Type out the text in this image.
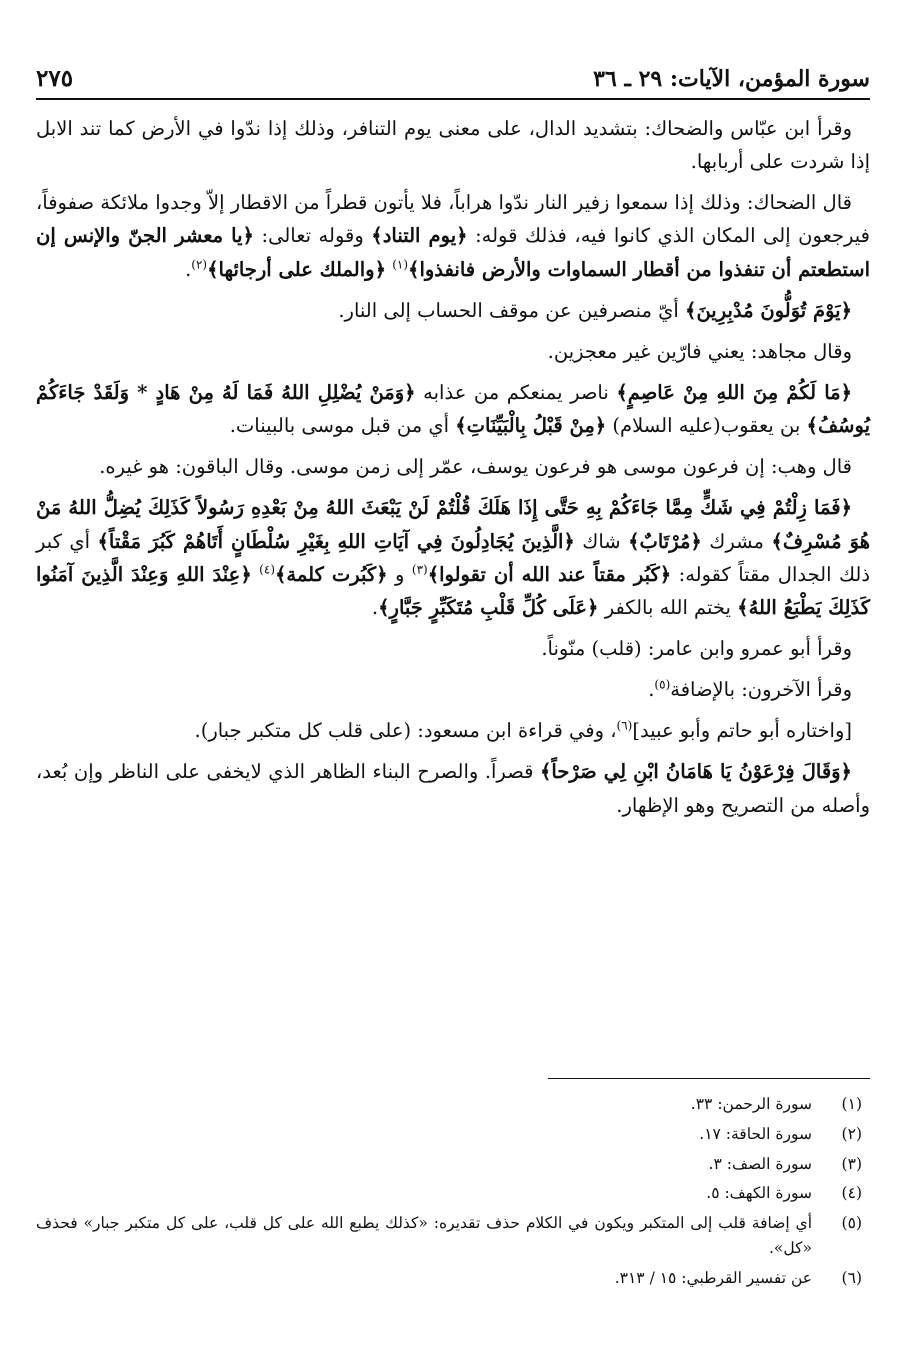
سورة المؤمن، الآيات: ٢٩ ـ ٣٦
٢٧٥

وقرأ ابن عبّاس والضحاك: بتشديد الدال، على معنى يوم التنافر، وذلك إذا ندّوا في الأرض كما تند الابل إذا شردت على أربابها.

قال الضحاك: وذلك إذا سمعوا زفير النار ندّوا هراباً، فلا يأتون قطراً من الاقطار إلاّ وجدوا ملائكة صفوفاً، فيرجعون إلى المكان الذي كانوا فيه، فذلك قوله: ﴿يوم التناد﴾ وقوله تعالى: ﴿يا معشر الجنّ والإنس إن استطعتم أن تنفذوا من أقطار السماوات والأرض فانفذوا﴾$^{(١)}$ ﴿والملك على أرجائها﴾$^{(٢)}$.

﴿يَوْمَ تُوَلُّونَ مُدْبِرِينَ﴾ أيّ منصرفين عن موقف الحساب إلى النار.

وقال مجاهد: يعني فارّين غير معجزين.

﴿مَا لَكُمْ مِنَ اللهِ مِنْ عَاصِمٍ﴾ ناصر يمنعكم من عذابه ﴿وَمَنْ يُضْلِلِ اللهُ فَمَا لَهُ مِنْ هَادٍ * وَلَقَدْ جَاءَكُمْ يُوسُفُ﴾ بن يعقوب(عليه السلام) ﴿مِنْ قَبْلُ بِالْبَيِّنَاتِ﴾ أي من قبل موسى بالبينات.

قال وهب: إن فرعون موسى هو فرعون يوسف، عمّر إلى زمن موسى. وقال الباقون: هو غيره.

﴿فَمَا زِلْتُمْ فِي شَكٍّ مِمَّا جَاءَكُمْ بِهِ حَتَّى إِذَا هَلَكَ قُلْتُمْ لَنْ يَبْعَثَ اللهُ مِنْ بَعْدِهِ رَسُولاً كَذَلِكَ يُضِلُّ اللهُ مَنْ هُوَ مُسْرِفٌ﴾ مشرك ﴿مُرْتَابٌ﴾ شاك ﴿الَّذِينَ يُجَادِلُونَ فِي آيَاتِ اللهِ بِغَيْرِ سُلْطَانٍ أَتَاهُمْ كَبُرَ مَقْتاً﴾ أي كبر ذلك الجدال مقتاً كقوله: ﴿كَبُر مقتاً عند الله أن تقولوا﴾$^{(٣)}$ و ﴿كَبُرت كلمة﴾$^{(٤)}$ ﴿عِنْدَ اللهِ وَعِنْدَ الَّذِينَ آمَنُوا كَذَلِكَ يَطْبَعُ اللهُ﴾ يختم الله بالكفر ﴿عَلَى كُلِّ قَلْبِ مُتَكَبِّرٍ جَبَّارٍ﴾.

وقرأ أبو عمرو وابن عامر: (قلب) منّوناً.

وقرأ الآخرون: بالإضافة$^{(٥)}$.

[واختاره أبو حاتم وأبو عبيد]$^{(٦)}$، وفي قراءة ابن مسعود: (على قلب كل متكبر جبار).

﴿وَقَالَ فِرْعَوْنُ يَا هَامَانُ ابْنِ لِي صَرْحاً﴾ قصراً. والصرح البناء الظاهر الذي لايخفى على الناظر وإن بُعد، وأصله من التصريح وهو الإظهار.

(١)
سورة الرحمن: ٣٣.
(٢)
سورة الحاقة: ١٧.
(٣)
سورة الصف: ٣.
(٤)
سورة الكهف: ٥.
(٥)
أي إضافة قلب إلى المتكبر ويكون في الكلام حذف تقديره: «كذلك يطبع الله على كل قلب، على كل متكبر جبار» فحذف «كل».
(٦)
عن تفسير القرطبي: ١٥ / ٣١٣.
